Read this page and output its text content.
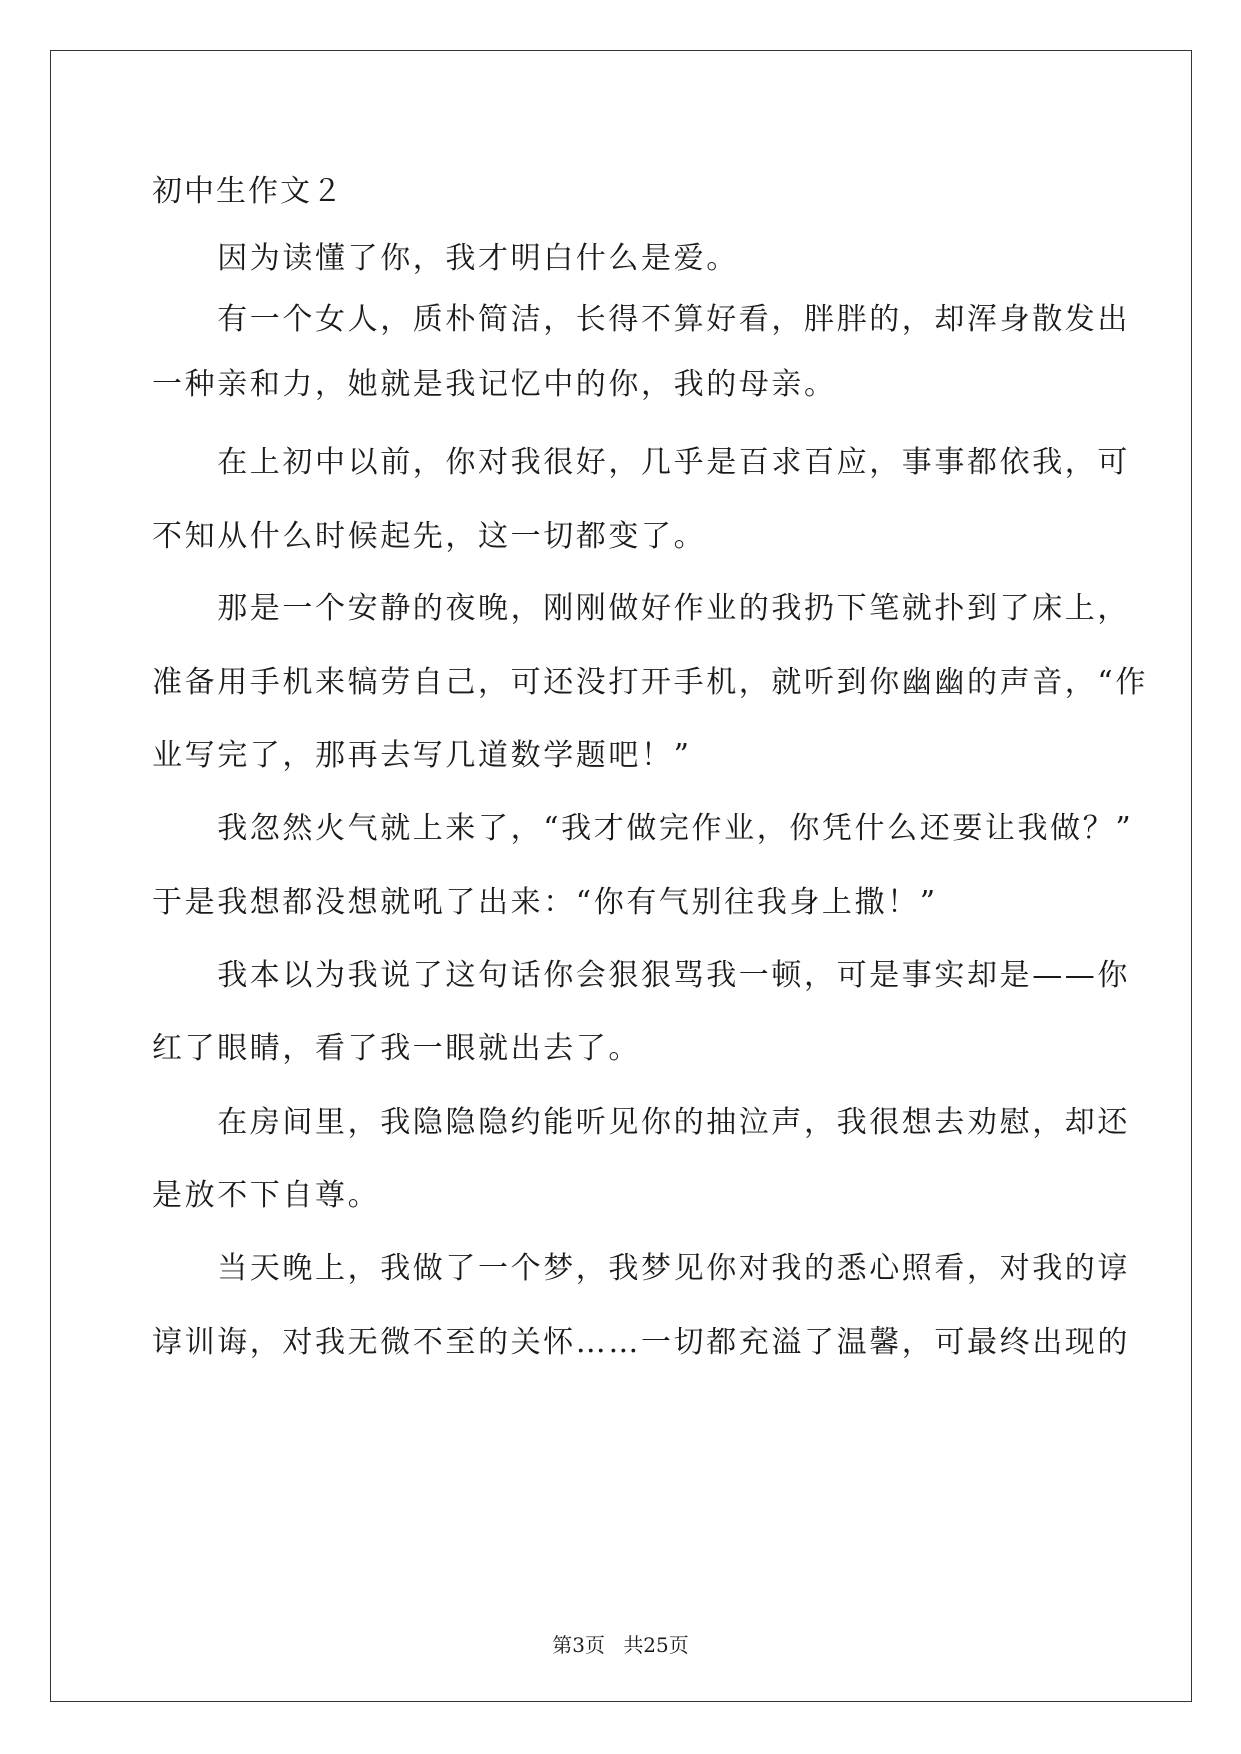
初中生作文２
　　因为读懂了你，我才明白什么是爱。
　　有一个女人，质朴简洁，长得不算好看，胖胖的，却浑身散发出
一种亲和力，她就是我记忆中的你，我的母亲。
　　在上初中以前，你对我很好，几乎是百求百应，事事都依我，可
不知从什么时候起先，这一切都变了。
　　那是一个安静的夜晚，刚刚做好作业的我扔下笔就扑到了床上，
准备用手机来犒劳自己，可还没打开手机，就听到你幽幽的声音，“作
业写完了，那再去写几道数学题吧！”
　　我忽然火气就上来了，“我才做完作业，你凭什么还要让我做？”
于是我想都没想就吼了出来：“你有气别往我身上撒！”
　　我本以为我说了这句话你会狠狠骂我一顿，可是事实却是——你
红了眼睛，看了我一眼就出去了。
　　在房间里，我隐隐隐约能听见你的抽泣声，我很想去劝慰，却还
是放不下自尊。
　　当天晚上，我做了一个梦，我梦见你对我的悉心照看，对我的谆
谆训诲，对我无微不至的关怀……一切都充溢了温馨，可最终出现的
第3页 共25页
